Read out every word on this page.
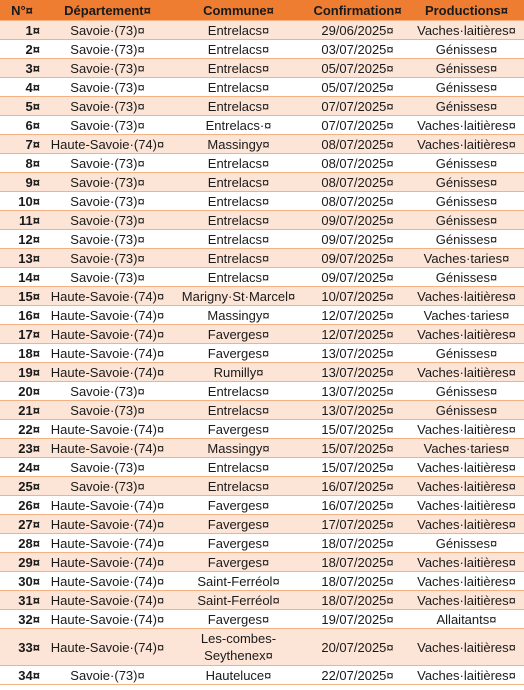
N°¤	Département¤	Commune¤	Confirmation¤	Productions¤
1¤	Savoie·(73)¤	Entrelacs¤	29/06/2025¤	Vaches·laitières¤
2¤	Savoie·(73)¤	Entrelacs¤	03/07/2025¤	Génisses¤
3¤	Savoie·(73)¤	Entrelacs¤	05/07/2025¤	Génisses¤
4¤	Savoie·(73)¤	Entrelacs¤	05/07/2025¤	Génisses¤
5¤	Savoie·(73)¤	Entrelacs¤	07/07/2025¤	Génisses¤
6¤	Savoie·(73)¤	Entrelacs·¤	07/07/2025¤	Vaches·laitières¤
7¤	Haute-Savoie·(74)¤	Massingy¤	08/07/2025¤	Vaches·laitières¤
8¤	Savoie·(73)¤	Entrelacs¤	08/07/2025¤	Génisses¤
9¤	Savoie·(73)¤	Entrelacs¤	08/07/2025¤	Génisses¤
10¤	Savoie·(73)¤	Entrelacs¤	08/07/2025¤	Génisses¤
11¤	Savoie·(73)¤	Entrelacs¤	09/07/2025¤	Génisses¤
12¤	Savoie·(73)¤	Entrelacs¤	09/07/2025¤	Génisses¤
13¤	Savoie·(73)¤	Entrelacs¤	09/07/2025¤	Vaches·taries¤
14¤	Savoie·(73)¤	Entrelacs¤	09/07/2025¤	Génisses¤
15¤	Haute-Savoie·(74)¤	Marigny·St·Marcel¤	10/07/2025¤	Vaches·laitières¤
16¤	Haute-Savoie·(74)¤	Massingy¤	12/07/2025¤	Vaches·taries¤
17¤	Haute-Savoie·(74)¤	Faverges¤	12/07/2025¤	Vaches·laitières¤
18¤	Haute-Savoie·(74)¤	Faverges¤	13/07/2025¤	Génisses¤
19¤	Haute-Savoie·(74)¤	Rumilly¤	13/07/2025¤	Vaches·laitières¤
20¤	Savoie·(73)¤	Entrelacs¤	13/07/2025¤	Génisses¤
21¤	Savoie·(73)¤	Entrelacs¤	13/07/2025¤	Génisses¤
22¤	Haute-Savoie·(74)¤	Faverges¤	15/07/2025¤	Vaches·laitières¤
23¤	Haute-Savoie·(74)¤	Massingy¤	15/07/2025¤	Vaches·taries¤
24¤	Savoie·(73)¤	Entrelacs¤	15/07/2025¤	Vaches·laitières¤
25¤	Savoie·(73)¤	Entrelacs¤	16/07/2025¤	Vaches·laitières¤
26¤	Haute-Savoie·(74)¤	Faverges¤	16/07/2025¤	Vaches·laitières¤
27¤	Haute-Savoie·(74)¤	Faverges¤	17/07/2025¤	Vaches·laitières¤
28¤	Haute-Savoie·(74)¤	Faverges¤	18/07/2025¤	Génisses¤
29¤	Haute-Savoie·(74)¤	Faverges¤	18/07/2025¤	Vaches·laitières¤
30¤	Haute-Savoie·(74)¤	Saint-Ferréol¤	18/07/2025¤	Vaches·laitières¤
31¤	Haute-Savoie·(74)¤	Saint-Ferréol¤	18/07/2025¤	Vaches·laitières¤
32¤	Haute-Savoie·(74)¤	Faverges¤	19/07/2025¤	Allaitants¤
33¤	Haute-Savoie·(74)¤	Les-combes-Seythenex¤	20/07/2025¤	Vaches·laitières¤
34¤	Savoie·(73)¤	Hauteluce¤	22/07/2025¤	Vaches·laitières¤
